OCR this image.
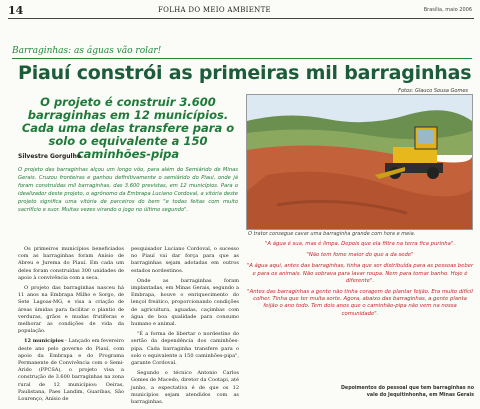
14	FOLHA DO MEIO AMBIENTE	Brasília, maio 2006
Barraginhas: as águas vão rolar!
Piauí constrói as primeiras mil barraginhas
Fotos: Glauco Sousa Gomes
O projeto é construir 3.600 barraginhas em 12 municípios. Cada uma delas transfere para o solo o equivalente a 150 caminhões-pipa
Silvestre Gorgulho
O projeto das barraginhas alçou um longo vôo, para além do Semiárido de Minas Gerais. Cruzou fronteiras e ganhou definitivamente o semiárido do Piauí, onde já foram construídas mil barraginhas, das 3.600 previstas, em 12 municípios. Para o idealizador deste projeto, o agrônomo da Embrapa Luciano Cordoval, a vitória deste projeto significa uma vitória de parceiros do bem "e todas feitas com muito sacrifício e suor. Muitas vezes virando o jogo no último segundo".
O trator consegue cavar uma barraginha grande com hora e meia.

Os primeiros municípios beneficiados com as barraginhas foram Anísio de Abreu e Jurema do Piauí. Em cada um deles foram construídas 300 unidades de apoio à convivência com a seca.

O projeto das barraginhas nasceu há 11 anos na Embrapa Milho e Sorgo, de Sete Lagoas-MG, e visa a criação de áreas úmidas para facilitar o plantio de verduras, grãos e mudas frutíferas e melhorar as condições de vida da população.

12 municípios - Lançado em fevereiro deste ano pelo governo do Piauí, com apoio da Embrapa e do Programa Permanente de Convivência com o Semi-Árido (PPCSA), o projeto visa a construção de 3.600 barraginhas na zona rural de 12 municípios: Oeiras, Paulistana, Paes Landim, Guaribas, São Lourenço, Anísio de

pesquisador Luciano Cordoval, o sucesso no Piauí vai dar força para que as barraginhas sejam adotadas em outros estados nordestinos.

Onde as barraginhas foram implantadas, em Minas Gerais, segundo a Embrapa, houve o enriquecimento do lençol freático, proporcionando condições de agricultura, aguadas, caçimbas com água de boa qualidade para consumo humano e animal.

"É a forma de libertar o nordestino do sertão da dependência dos caminhões-pipa. Cada barraginha transfere para o solo o equivalente a 150 caminhões-pipa", garante Cordoval.

Segundo o técnico Antonio Carlos Gomes de Macedo, diretor da Cootapi, até junho, a expectativa é de que os 12 municípios sejam atendidos com as barraginhas.

"A água é sua, mas é limpa. Depois que ela filtra na terra fica purinha".

"Não tem fome maior do que a da sede"

"A água aqui, antes das barraginhas, tinha que ser distribuída para as pessoas beber e para os animais. Não sobrava para lavar roupa. Nem para tomar banho. Hoje é diferente".

"Antes das barraginhas a gente não tinha coragem de plantar feijão. Era muito difícil colher. Tinha que ter muita sorte. Agora, abaixo das barraginhas, a gente planta feijão o ano todo. Tem dois anos que o caminhão-pipa não vem na nossa comunidade".

Depoimentos do pessoal que tem barraginhas no vale do Jequitinhonha, em Minas Gerais
